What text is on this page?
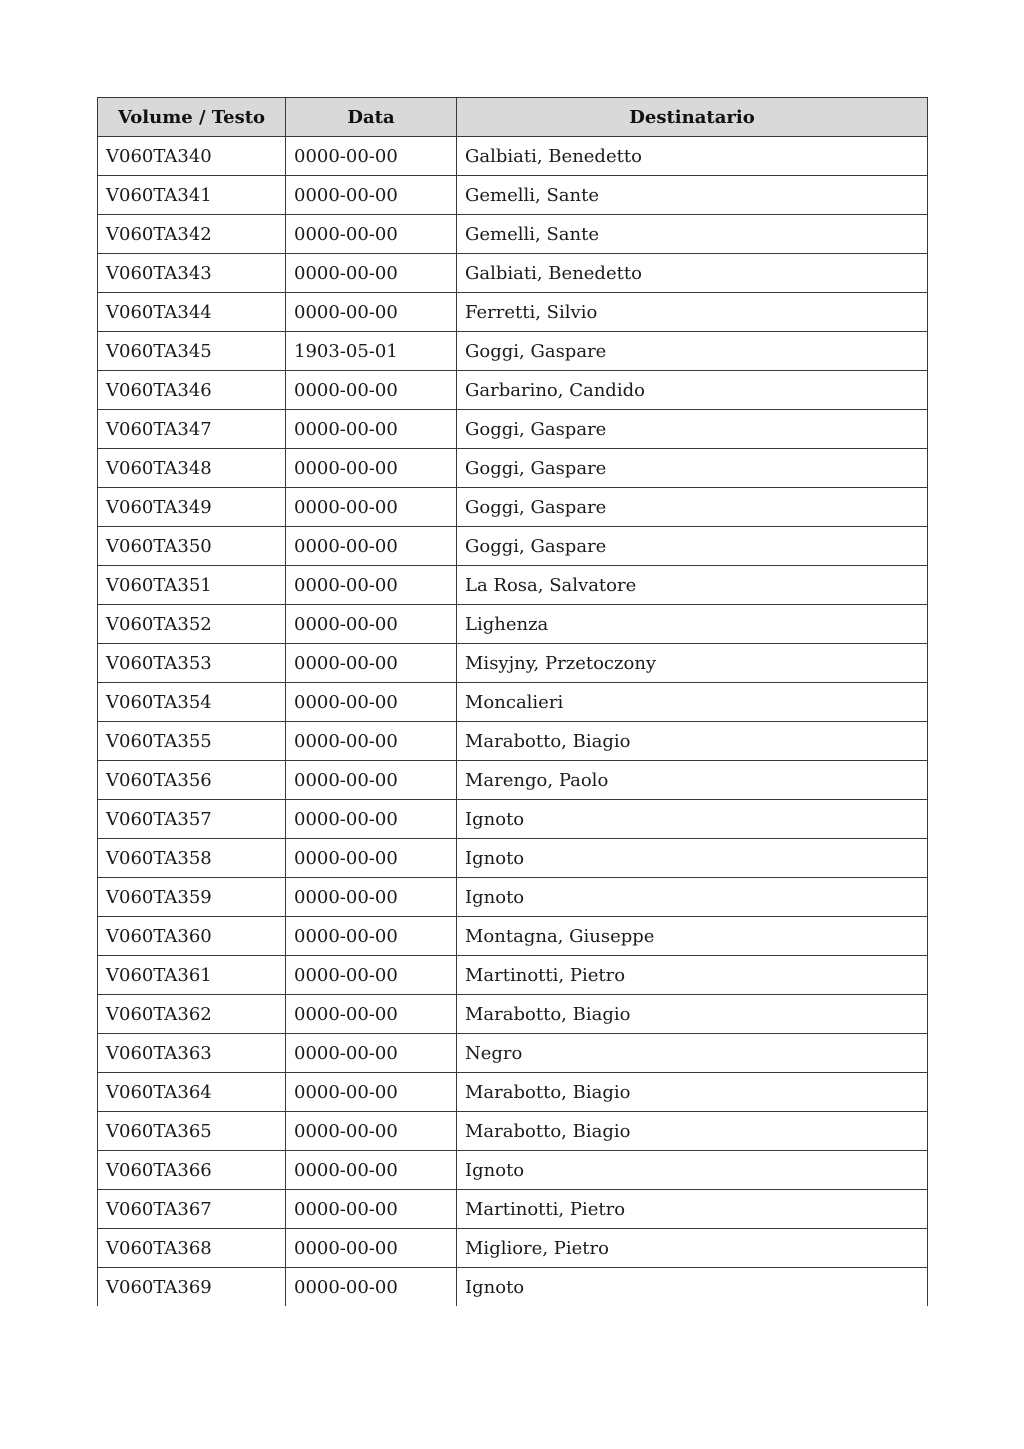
Volume / Testo	Data	Destinatario
V060TA340	0000-00-00	Galbiati, Benedetto
V060TA341	0000-00-00	Gemelli, Sante
V060TA342	0000-00-00	Gemelli, Sante
V060TA343	0000-00-00	Galbiati, Benedetto
V060TA344	0000-00-00	Ferretti, Silvio
V060TA345	1903-05-01	Goggi, Gaspare
V060TA346	0000-00-00	Garbarino, Candido
V060TA347	0000-00-00	Goggi, Gaspare
V060TA348	0000-00-00	Goggi, Gaspare
V060TA349	0000-00-00	Goggi, Gaspare
V060TA350	0000-00-00	Goggi, Gaspare
V060TA351	0000-00-00	La Rosa, Salvatore
V060TA352	0000-00-00	Lighenza
V060TA353	0000-00-00	Misyjny, Przetoczony
V060TA354	0000-00-00	Moncalieri
V060TA355	0000-00-00	Marabotto, Biagio
V060TA356	0000-00-00	Marengo, Paolo
V060TA357	0000-00-00	Ignoto
V060TA358	0000-00-00	Ignoto
V060TA359	0000-00-00	Ignoto
V060TA360	0000-00-00	Montagna, Giuseppe
V060TA361	0000-00-00	Martinotti, Pietro
V060TA362	0000-00-00	Marabotto, Biagio
V060TA363	0000-00-00	Negro
V060TA364	0000-00-00	Marabotto, Biagio
V060TA365	0000-00-00	Marabotto, Biagio
V060TA366	0000-00-00	Ignoto
V060TA367	0000-00-00	Martinotti, Pietro
V060TA368	0000-00-00	Migliore, Pietro
V060TA369	0000-00-00	Ignoto
